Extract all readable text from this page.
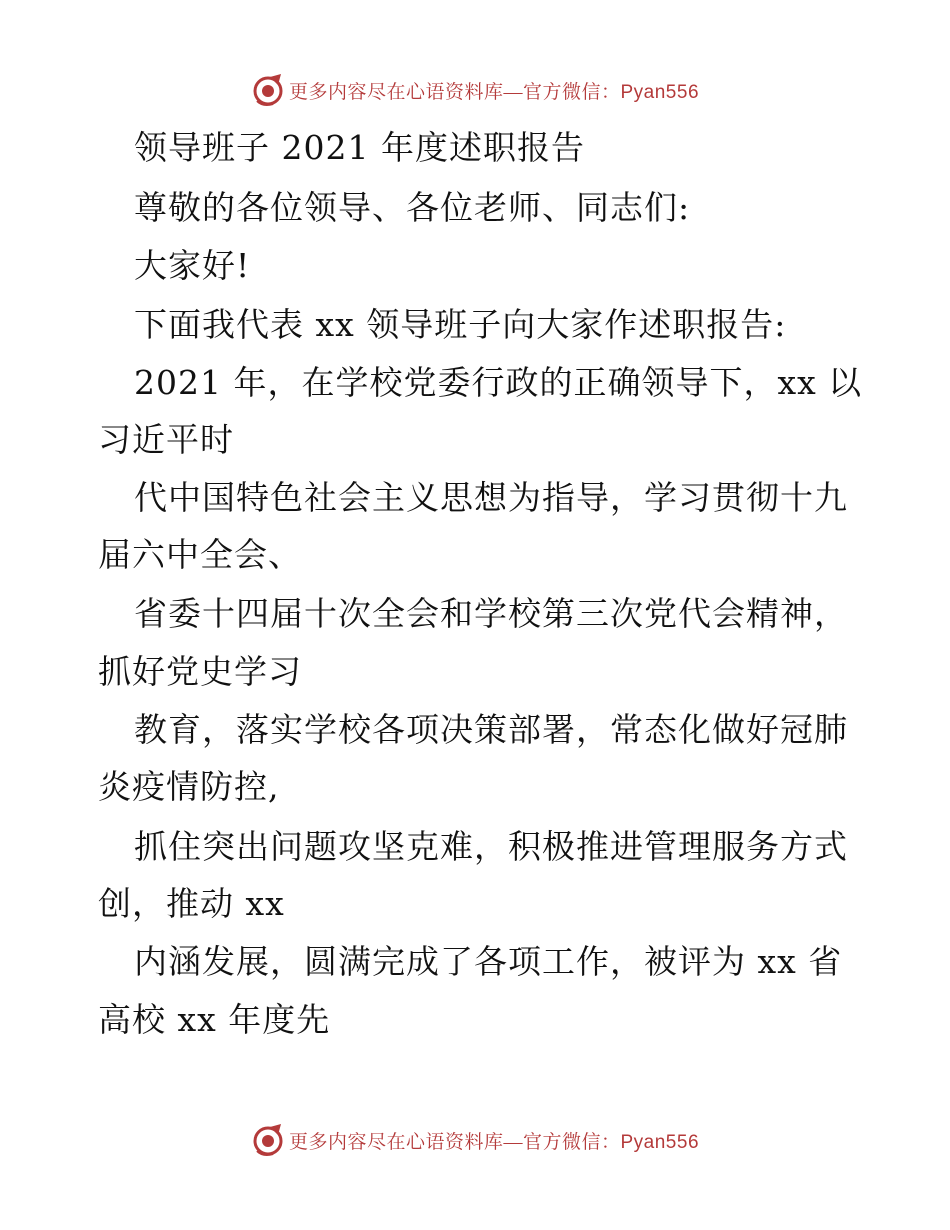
更多内容尽在心语资料库—官方微信：Pyan556
领导班子 2021 年度述职报告
尊敬的各位领导、各位老师、同志们:
大家好!
下面我代表 xx 领导班子向大家作述职报告:
2021 年，在学校党委行政的正确领导下，xx 以
习近平时
代中国特色社会主义思想为指导，学习贯彻十九
届六中全会、
省委十四届十次全会和学校第三次党代会精神，
抓好党史学习
教育，落实学校各项决策部署，常态化做好冠肺
炎疫情防控,
抓住突出问题攻坚克难，积极推进管理服务方式
创，推动 xx
内涵发展，圆满完成了各项工作，被评为 xx 省
高校 xx 年度先
更多内容尽在心语资料库—官方微信：Pyan556
